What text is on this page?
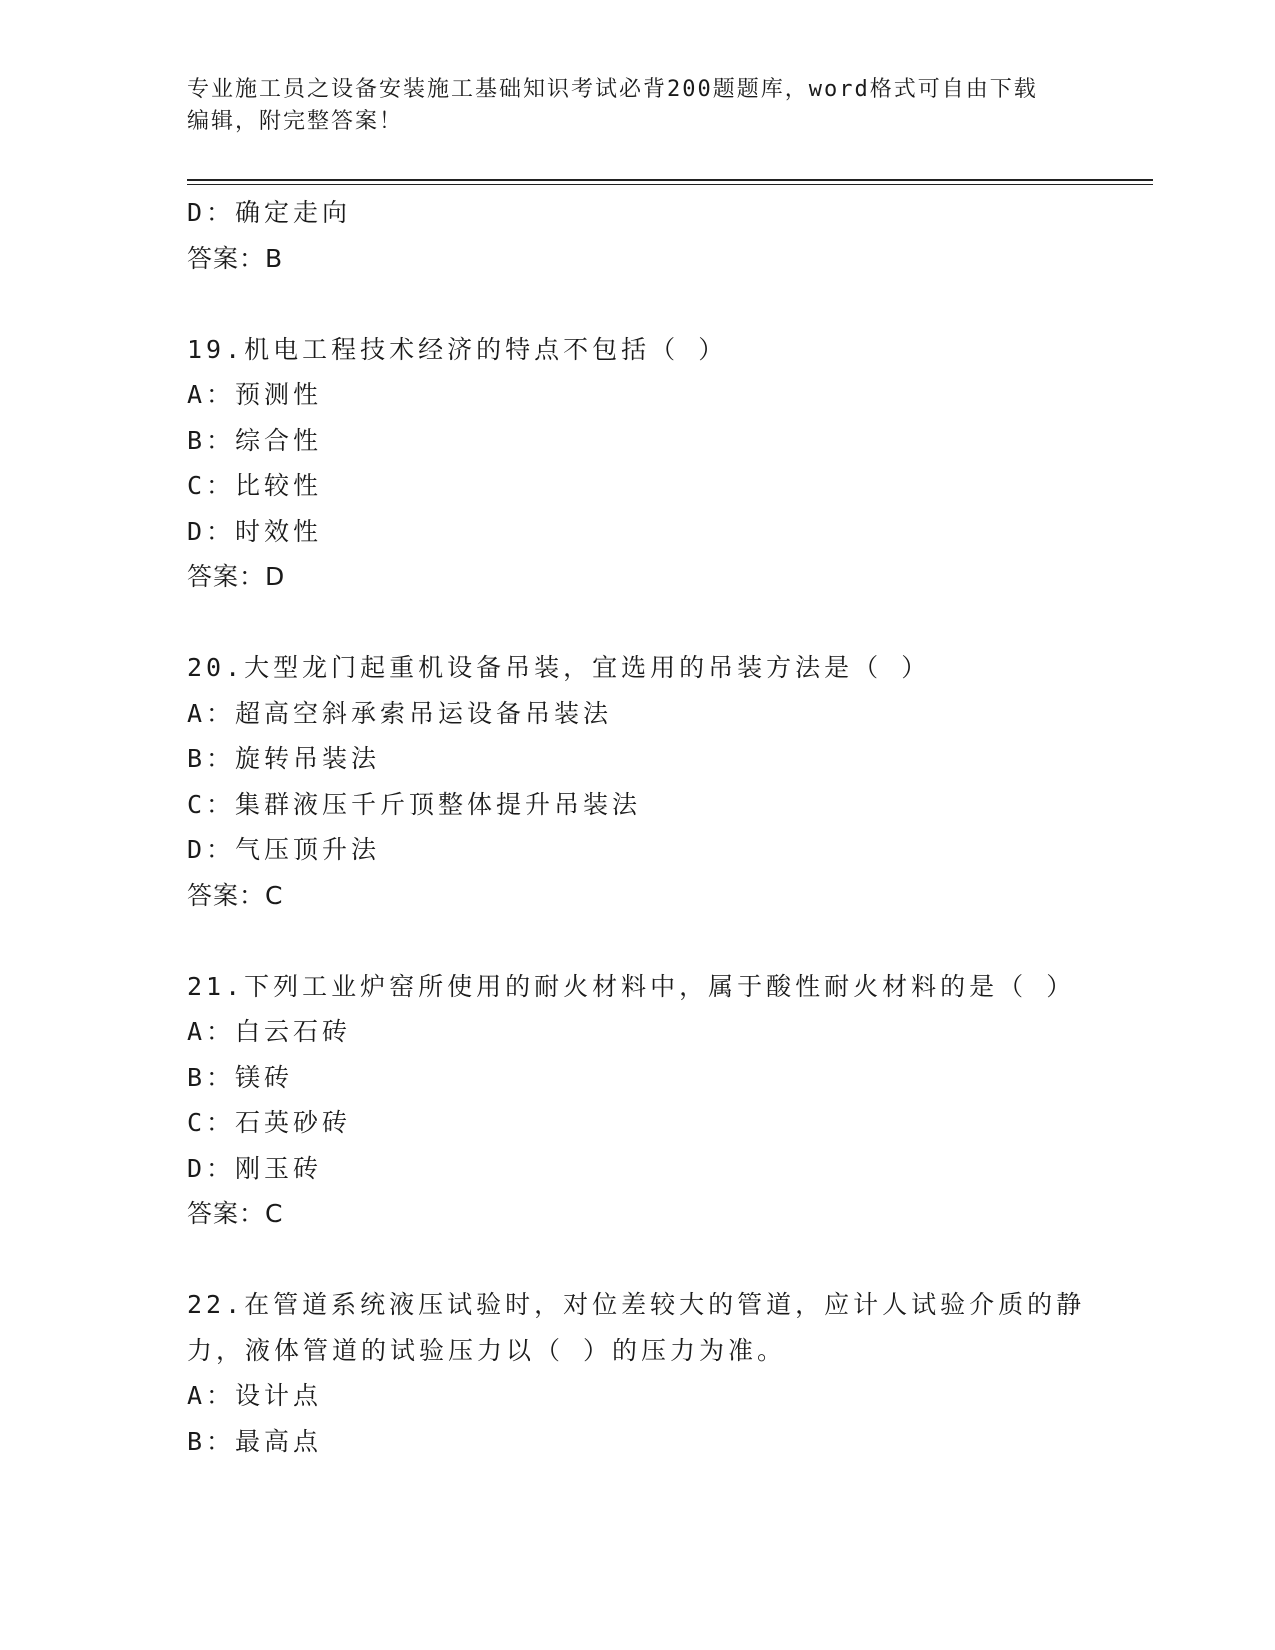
专业施工员之设备安装施工基础知识考试必背200题题库，word格式可自由下载
编辑，附完整答案！
D：确定走向
答案：B
19.机电工程技术经济的特点不包括（ ）
A：预测性
B：综合性
C：比较性
D：时效性
答案：D
20.大型龙门起重机设备吊装，宜选用的吊装方法是（ ）
A：超高空斜承索吊运设备吊装法
B：旋转吊装法
C：集群液压千斤顶整体提升吊装法
D：气压顶升法
答案：C
21.下列工业炉窑所使用的耐火材料中，属于酸性耐火材料的是（ ）
A：白云石砖
B：镁砖
C：石英砂砖
D：刚玉砖
答案：C
22.在管道系统液压试验时，对位差较大的管道，应计人试验介质的静
力，液体管道的试验压力以（ ）的压力为准。
A：设计点
B：最高点
